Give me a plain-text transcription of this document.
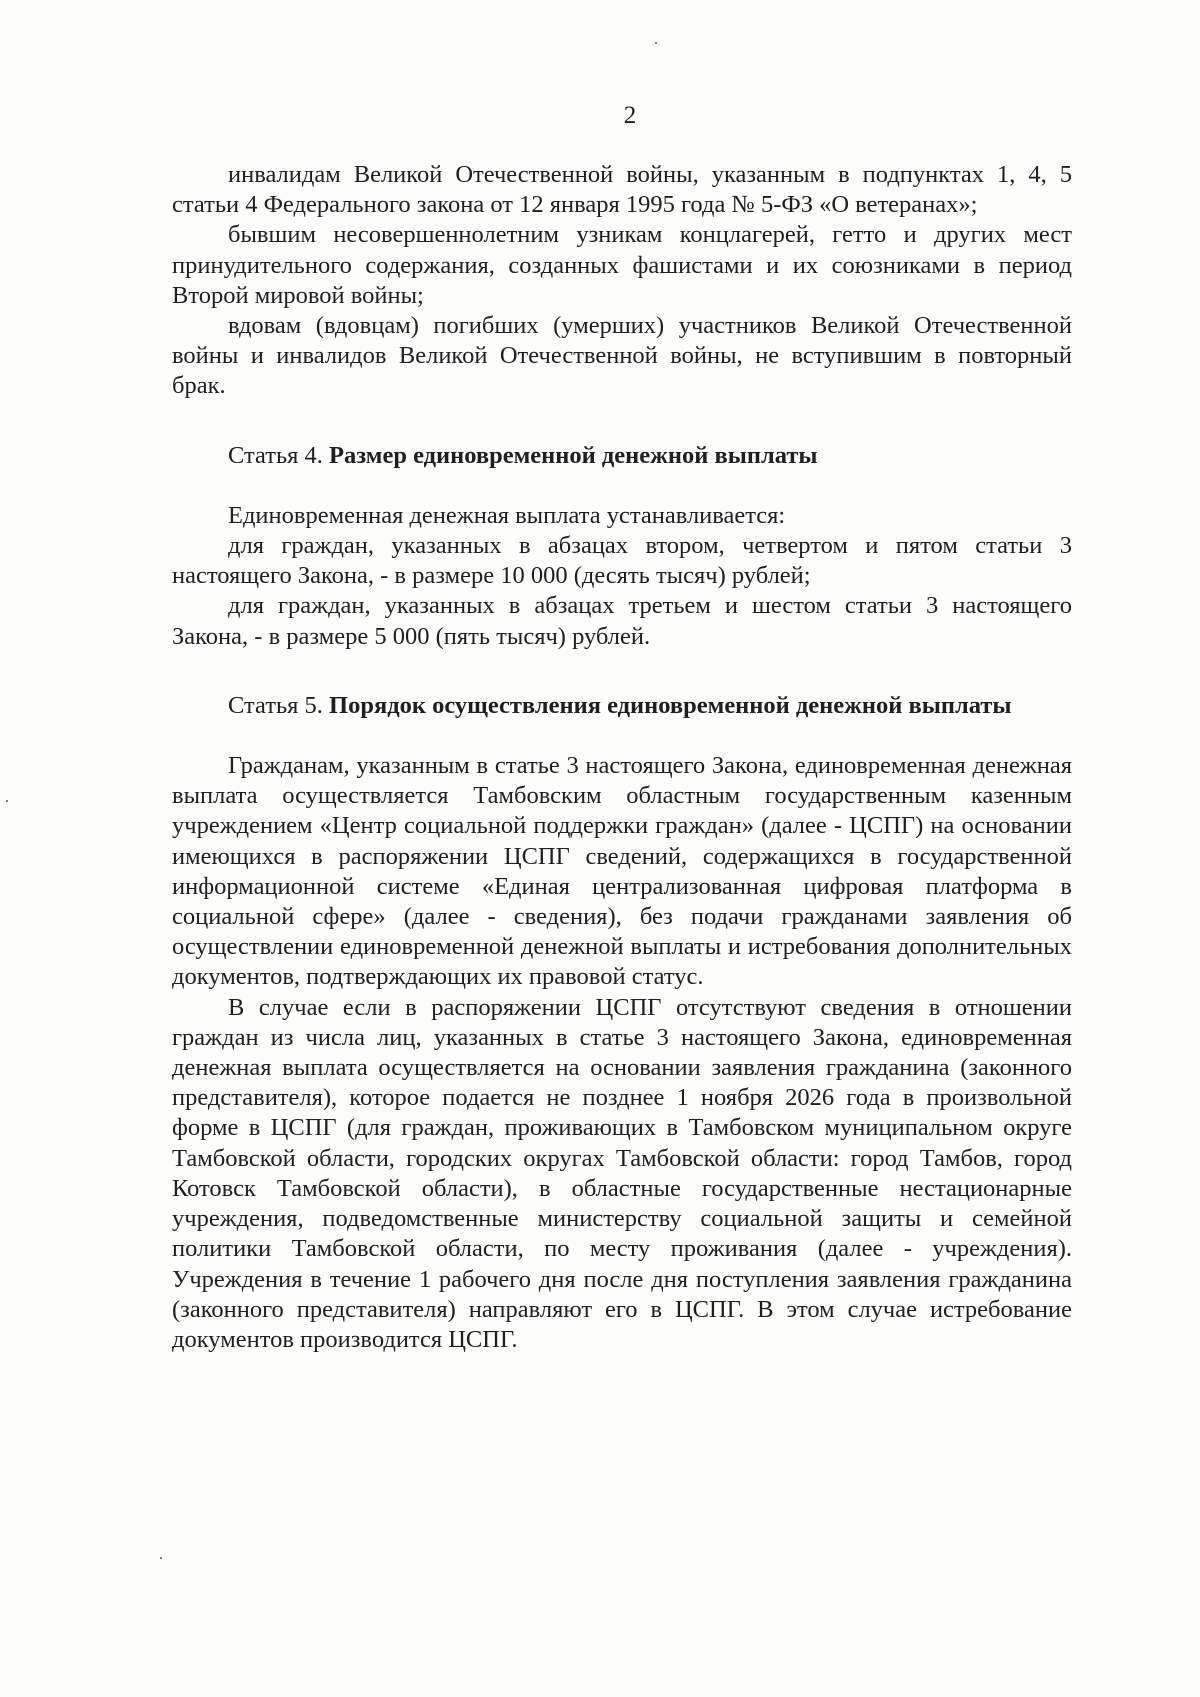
2

инвалидам Великой Отечественной войны, указанным в подпунктах 1, 4, 5 статьи 4 Федерального закона от 12 января 1995 года № 5-ФЗ «О ветеранах»;

бывшим несовершеннолетним узникам концлагерей, гетто и других мест принудительного содержания, созданных фашистами и их союзниками в период Второй мировой войны;

вдовам (вдовцам) погибших (умерших) участников Великой Отечественной войны и инвалидов Великой Отечественной войны, не вступившим в повторный брак.

Статья 4. Размер единовременной денежной выплаты

Единовременная денежная выплата устанавливается:

для граждан, указанных в абзацах втором, четвертом и пятом статьи 3 настоящего Закона, - в размере 10 000 (десять тысяч) рублей;

для граждан, указанных в абзацах третьем и шестом статьи 3 настоящего Закона, - в размере 5 000 (пять тысяч) рублей.

Статья 5. Порядок осуществления единовременной денежной выплаты

Гражданам, указанным в статье 3 настоящего Закона, единовременная денежная выплата осуществляется Тамбовским областным государственным казенным учреждением «Центр социальной поддержки граждан» (далее - ЦСПГ) на основании имеющихся в распоряжении ЦСПГ сведений, содержащихся в государственной информационной системе «Единая централизованная цифровая платформа в социальной сфере» (далее - сведения), без подачи гражданами заявления об осуществлении единовременной денежной выплаты и истребования дополнительных документов, подтверждающих их правовой статус.

В случае если в распоряжении ЦСПГ отсутствуют сведения в отношении граждан из числа лиц, указанных в статье 3 настоящего Закона, единовременная денежная выплата осуществляется на основании заявления гражданина (законного представителя), которое подается не позднее 1 ноября 2026 года в произвольной форме в ЦСПГ (для граждан, проживающих в Тамбовском муниципальном округе Тамбовской области, городских округах Тамбовской области: город Тамбов, город Котовск Тамбовской области), в областные государственные нестационарные учреждения, подведомственные министерству социальной защиты и семейной политики Тамбовской области, по месту проживания (далее - учреждения). Учреждения в течение 1 рабочего дня после дня поступления заявления гражданина (законного представителя) направляют его в ЦСПГ. В этом случае истребование документов производится ЦСПГ.
